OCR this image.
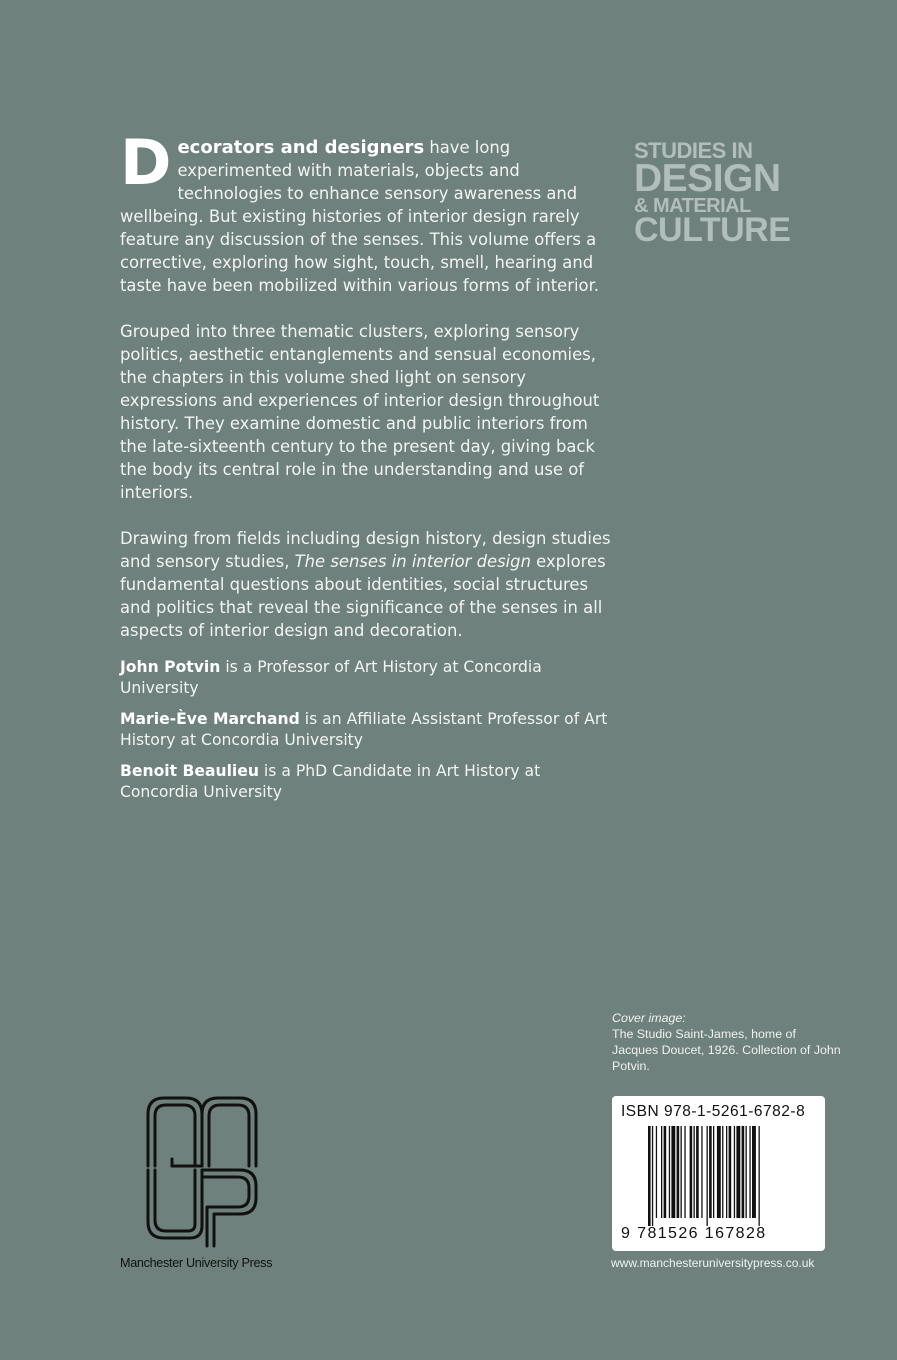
Decorators and designers have long experimented with materials, objects and technologies to enhance sensory awareness and wellbeing. But existing histories of interior design rarely feature any discussion of the senses. This volume offers a corrective, exploring how sight, touch, smell, hearing and taste have been mobilized within various forms of interior.

Grouped into three thematic clusters, exploring sensory politics, aesthetic entanglements and sensual economies, the chapters in this volume shed light on sensory expressions and experiences of interior design throughout history. They examine domestic and public interiors from the late-sixteenth century to the present day, giving back the body its central role in the understanding and use of interiors.

Drawing from fields including design history, design studies and sensory studies, The senses in interior design explores fundamental questions about identities, social structures and politics that reveal the significance of the senses in all aspects of interior design and decoration.

John Potvin is a Professor of Art History at Concordia University

Marie-Ève Marchand is an Affiliate Assistant Professor of Art History at Concordia University

Benoit Beaulieu is a PhD Candidate in Art History at Concordia University

STUDIES IN
DESIGN
& MATERIAL
CULTURE
Cover image:
The Studio Saint-James, home of Jacques Doucet, 1926. Collection of John Potvin.
ISBN 978-1-5261-6782-8
9 781526 167828
www.manchesteruniversitypress.co.uk
Manchester University Press
